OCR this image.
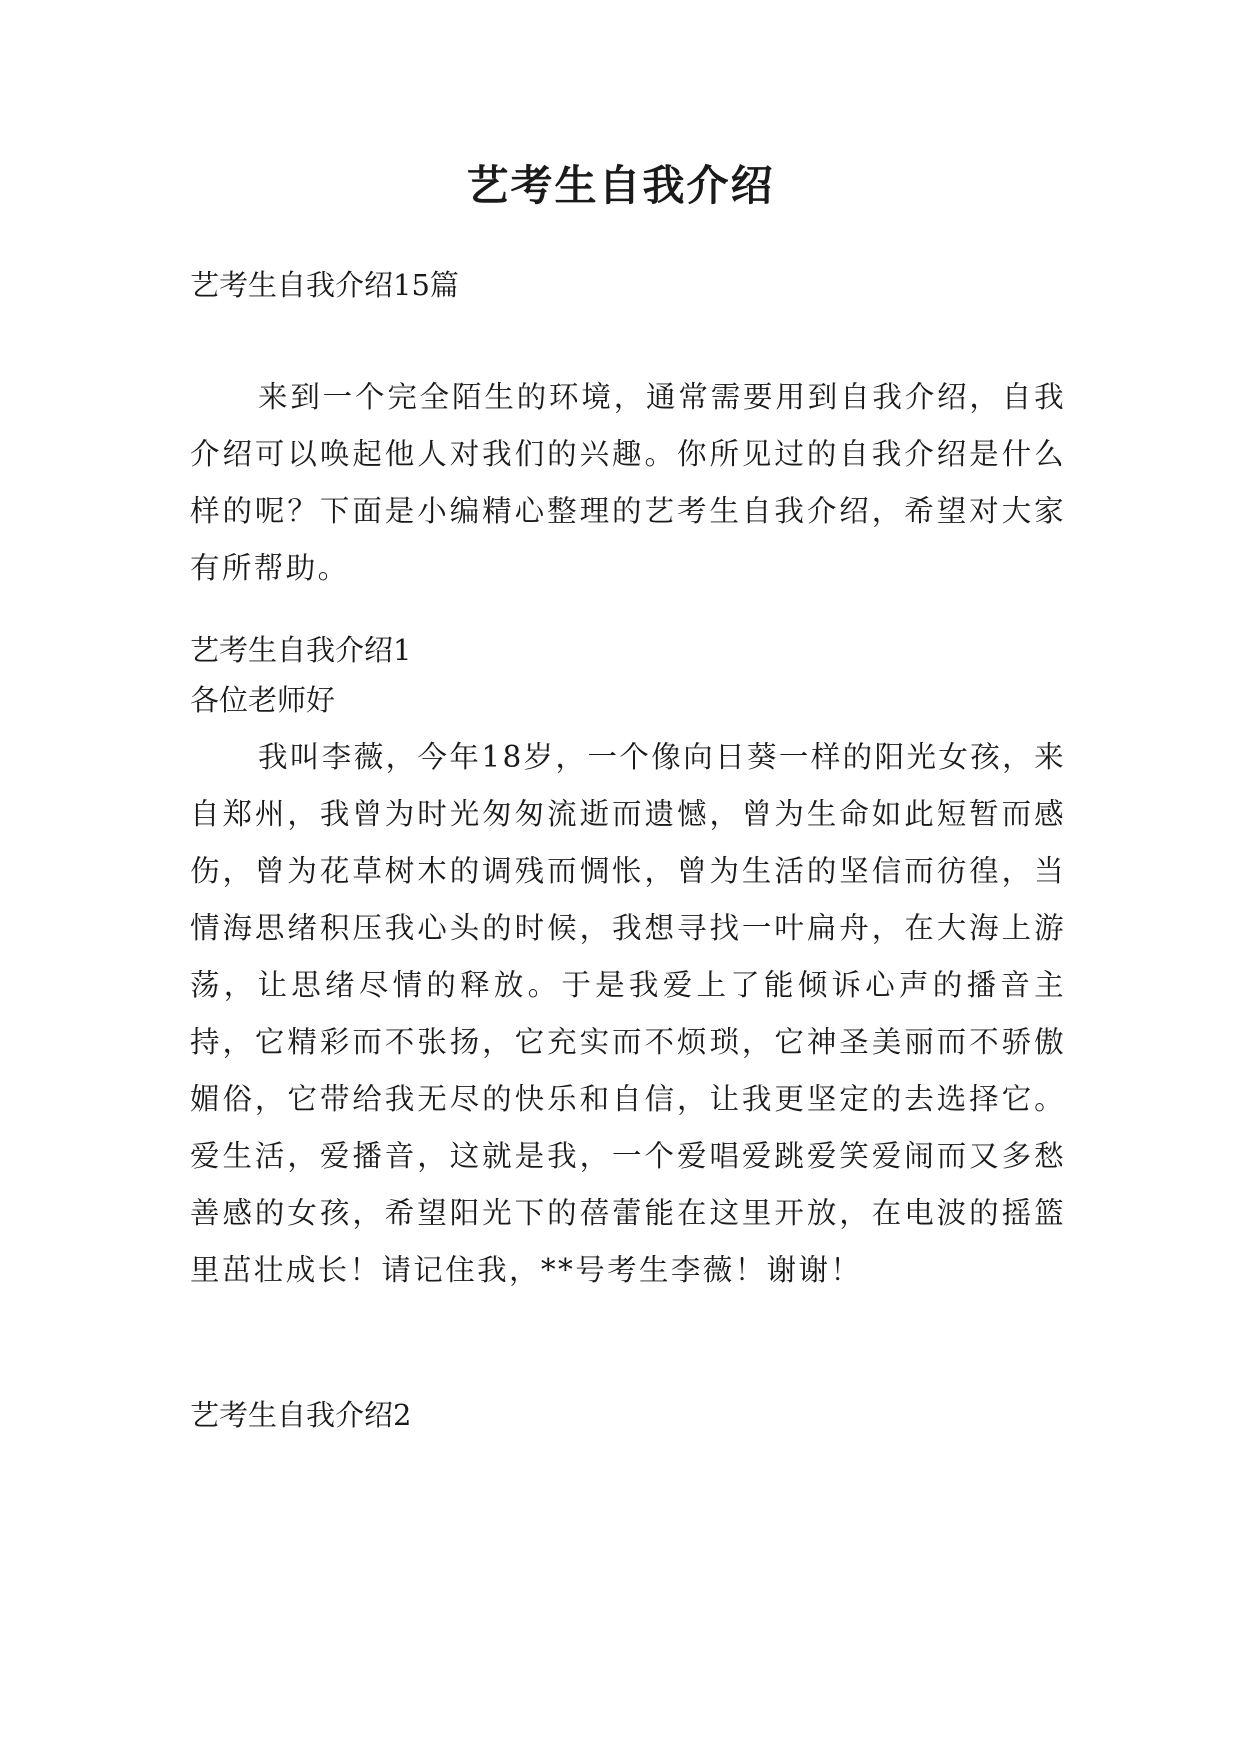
艺考生自我介绍

艺考生自我介绍15篇

来到一个完全陌生的环境，通常需要用到自我介绍，自我介绍可以唤起他人对我们的兴趣。你所见过的自我介绍是什么样的呢？下面是小编精心整理的艺考生自我介绍，希望对大家有所帮助。

艺考生自我介绍1

各位老师好

我叫李薇，今年18岁，一个像向日葵一样的阳光女孩，来自郑州，我曾为时光匆匆流逝而遗憾，曾为生命如此短暂而感伤，曾为花草树木的调残而惆怅，曾为生活的坚信而彷徨，当情海思绪积压我心头的时候，我想寻找一叶扁舟，在大海上游荡，让思绪尽情的释放。于是我爱上了能倾诉心声的播音主持，它精彩而不张扬，它充实而不烦琐，它神圣美丽而不骄傲媚俗，它带给我无尽的快乐和自信，让我更坚定的去选择它。爱生活，爱播音，这就是我，一个爱唱爱跳爱笑爱闹而又多愁善感的女孩，希望阳光下的蓓蕾能在这里开放，在电波的摇篮里茁壮成长！请记住我，**号考生李薇！谢谢！

艺考生自我介绍2
